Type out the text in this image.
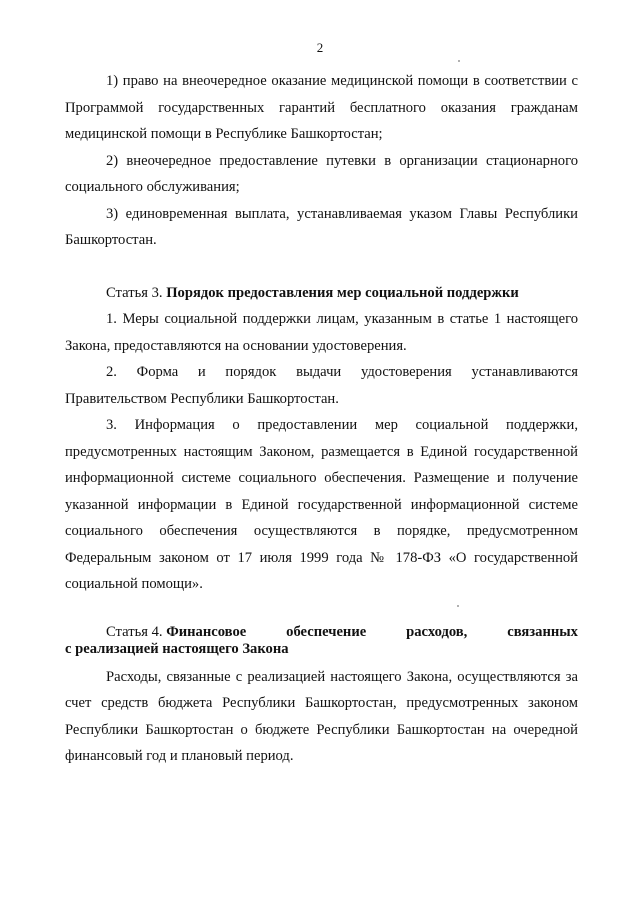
2

1) право на внеочередное оказание медицинской помощи в соответствии с Программой государственных гарантий бесплатного оказания гражданам медицинской помощи в Республике Башкортостан;

2) внеочередное предоставление путевки в организации стационарного социального обслуживания;

3) единовременная выплата, устанавливаемая указом Главы Республики Башкортостан.

Статья 3. Порядок предоставления мер социальной поддержки

1. Меры социальной поддержки лицам, указанным в статье 1 настоящего Закона, предоставляются на основании удостоверения.

2. Форма и порядок выдачи удостоверения устанавливаются Правительством Республики Башкортостан.

3. Информация о предоставлении мер социальной поддержки, предусмотренных настоящим Законом, размещается в Единой государственной информационной системе социального обеспечения. Размещение и получение указанной информации в Единой государственной информационной системе социального обеспечения осуществляются в порядке, предусмотренном Федеральным законом от 17 июля 1999 года № 178-ФЗ «О государственной социальной помощи».

Статья 4. Финансовое	обеспечение	расходов,	связанных
с реализацией настоящего Закона

Расходы, связанные с реализацией настоящего Закона, осуществляются за счет средств бюджета Республики Башкортостан, предусмотренных законом Республики Башкортостан о бюджете Республики Башкортостан на очередной финансовый год и плановый период.
